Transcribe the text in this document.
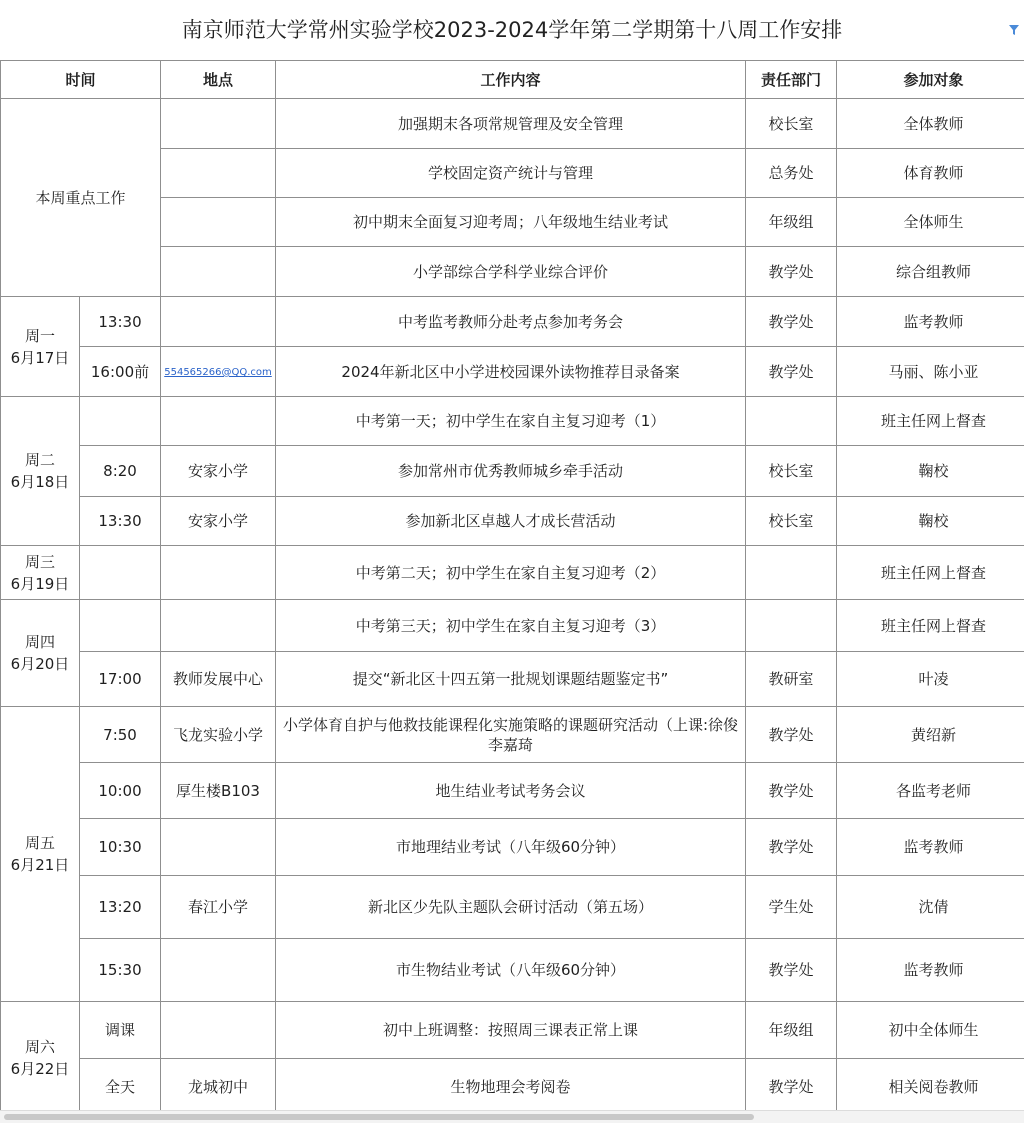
南京师范大学常州实验学校2023-2024学年第二学期第十八周工作安排
时间		地点	工作内容	责任部门	参加对象
本周重点工作			加强期末各项常规管理及安全管理	校长室	全体教师
			学校固定资产统计与管理	总务处	体育教师
			初中期末全面复习迎考周；八年级地生结业考试	年级组	全体师生
			小学部综合学科学业综合评价	教学处	综合组教师

周一
6月17日	13:30		中考监考教师分赴考点参加考务会	教学处	监考教师
	16:00前	554565266@QQ.com	2024年新北区中小学进校园课外读物推荐目录备案	教学处	马丽、陈小亚

周二
6月18日			中考第一天；初中学生在家自主复习迎考（1）		班主任网上督查
	8:20	安家小学	参加常州市优秀教师城乡牵手活动	校长室	鞠校
	13:30	安家小学	参加新北区卓越人才成长营活动	校长室	鞠校

周三
6月19日			中考第二天；初中学生在家自主复习迎考（2）		班主任网上督查

周四
6月20日			中考第三天；初中学生在家自主复习迎考（3）		班主任网上督查
	17:00	教师发展中心	提交“新北区十四五第一批规划课题结题鉴定书”	教研室	叶凌

周五
6月21日	7:50	飞龙实验小学	小学体育自护与他救技能课程化实施策略的课题研究活动（上课:徐俊 李嘉琦	教学处	黄绍新
	10:00	厚生楼B103	地生结业考试考务会议	教学处	各监考老师
	10:30		市地理结业考试（八年级60分钟）	教学处	监考教师
	13:20	春江小学	新北区少先队主题队会研讨活动（第五场）	学生处	沈倩
	15:30		市生物结业考试（八年级60分钟）	教学处	监考教师

周六
6月22日	调课		初中上班调整：按照周三课表正常上课	年级组	初中全体师生
	全天	龙城初中	生物地理会考阅卷	教学处	相关阅卷教师
